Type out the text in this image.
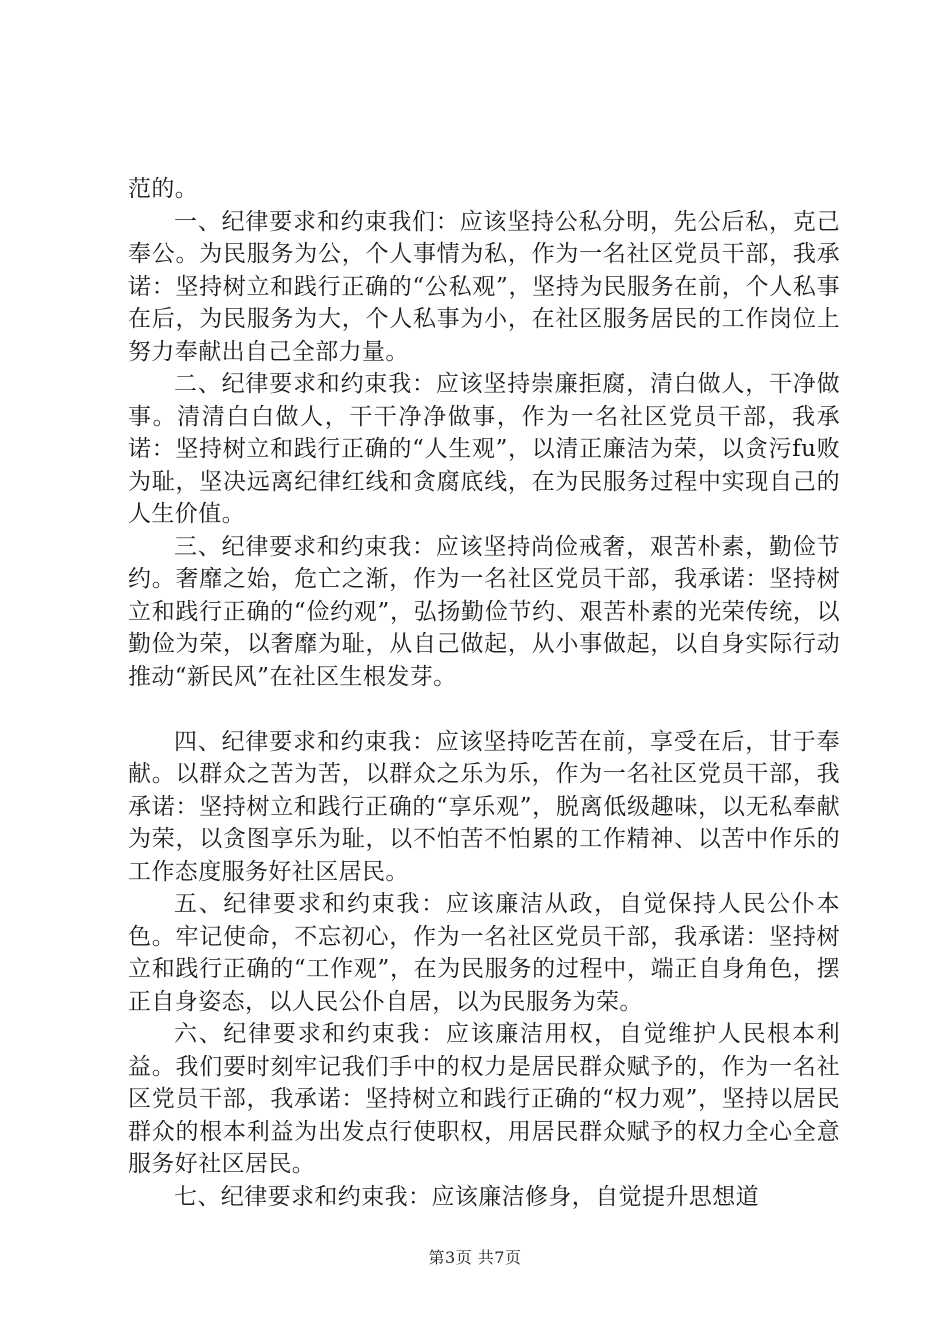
范的。

一、纪律要求和约束我们：应该坚持公私分明，先公后私，克己奉公。为民服务为公，个人事情为私，作为一名社区党员干部，我承诺：坚持树立和践行正确的“公私观”，坚持为民服务在前，个人私事在后，为民服务为大，个人私事为小，在社区服务居民的工作岗位上努力奉献出自己全部力量。

二、纪律要求和约束我：应该坚持崇廉拒腐，清白做人，干净做事。清清白白做人，干干净净做事，作为一名社区党员干部，我承诺：坚持树立和践行正确的“人生观”，以清正廉洁为荣，以贪污fu败为耻，坚决远离纪律红线和贪腐底线，在为民服务过程中实现自己的人生价值。

三、纪律要求和约束我：应该坚持尚俭戒奢，艰苦朴素，勤俭节约。奢靡之始，危亡之渐，作为一名社区党员干部，我承诺：坚持树立和践行正确的“俭约观”，弘扬勤俭节约、艰苦朴素的光荣传统，以勤俭为荣，以奢靡为耻，从自己做起，从小事做起，以自身实际行动推动“新民风”在社区生根发芽。

四、纪律要求和约束我：应该坚持吃苦在前，享受在后，甘于奉献。以群众之苦为苦，以群众之乐为乐，作为一名社区党员干部，我承诺：坚持树立和践行正确的“享乐观”，脱离低级趣味，以无私奉献为荣，以贪图享乐为耻，以不怕苦不怕累的工作精神、以苦中作乐的工作态度服务好社区居民。

五、纪律要求和约束我：应该廉洁从政，自觉保持人民公仆本色。牢记使命，不忘初心，作为一名社区党员干部，我承诺：坚持树立和践行正确的“工作观”，在为民服务的过程中，端正自身角色，摆正自身姿态，以人民公仆自居，以为民服务为荣。

六、纪律要求和约束我：应该廉洁用权，自觉维护人民根本利益。我们要时刻牢记我们手中的权力是居民群众赋予的，作为一名社区党员干部，我承诺：坚持树立和践行正确的“权力观”，坚持以居民群众的根本利益为出发点行使职权，用居民群众赋予的权力全心全意服务好社区居民。

七、纪律要求和约束我：应该廉洁修身，自觉提升思想道

第3页 共7页
